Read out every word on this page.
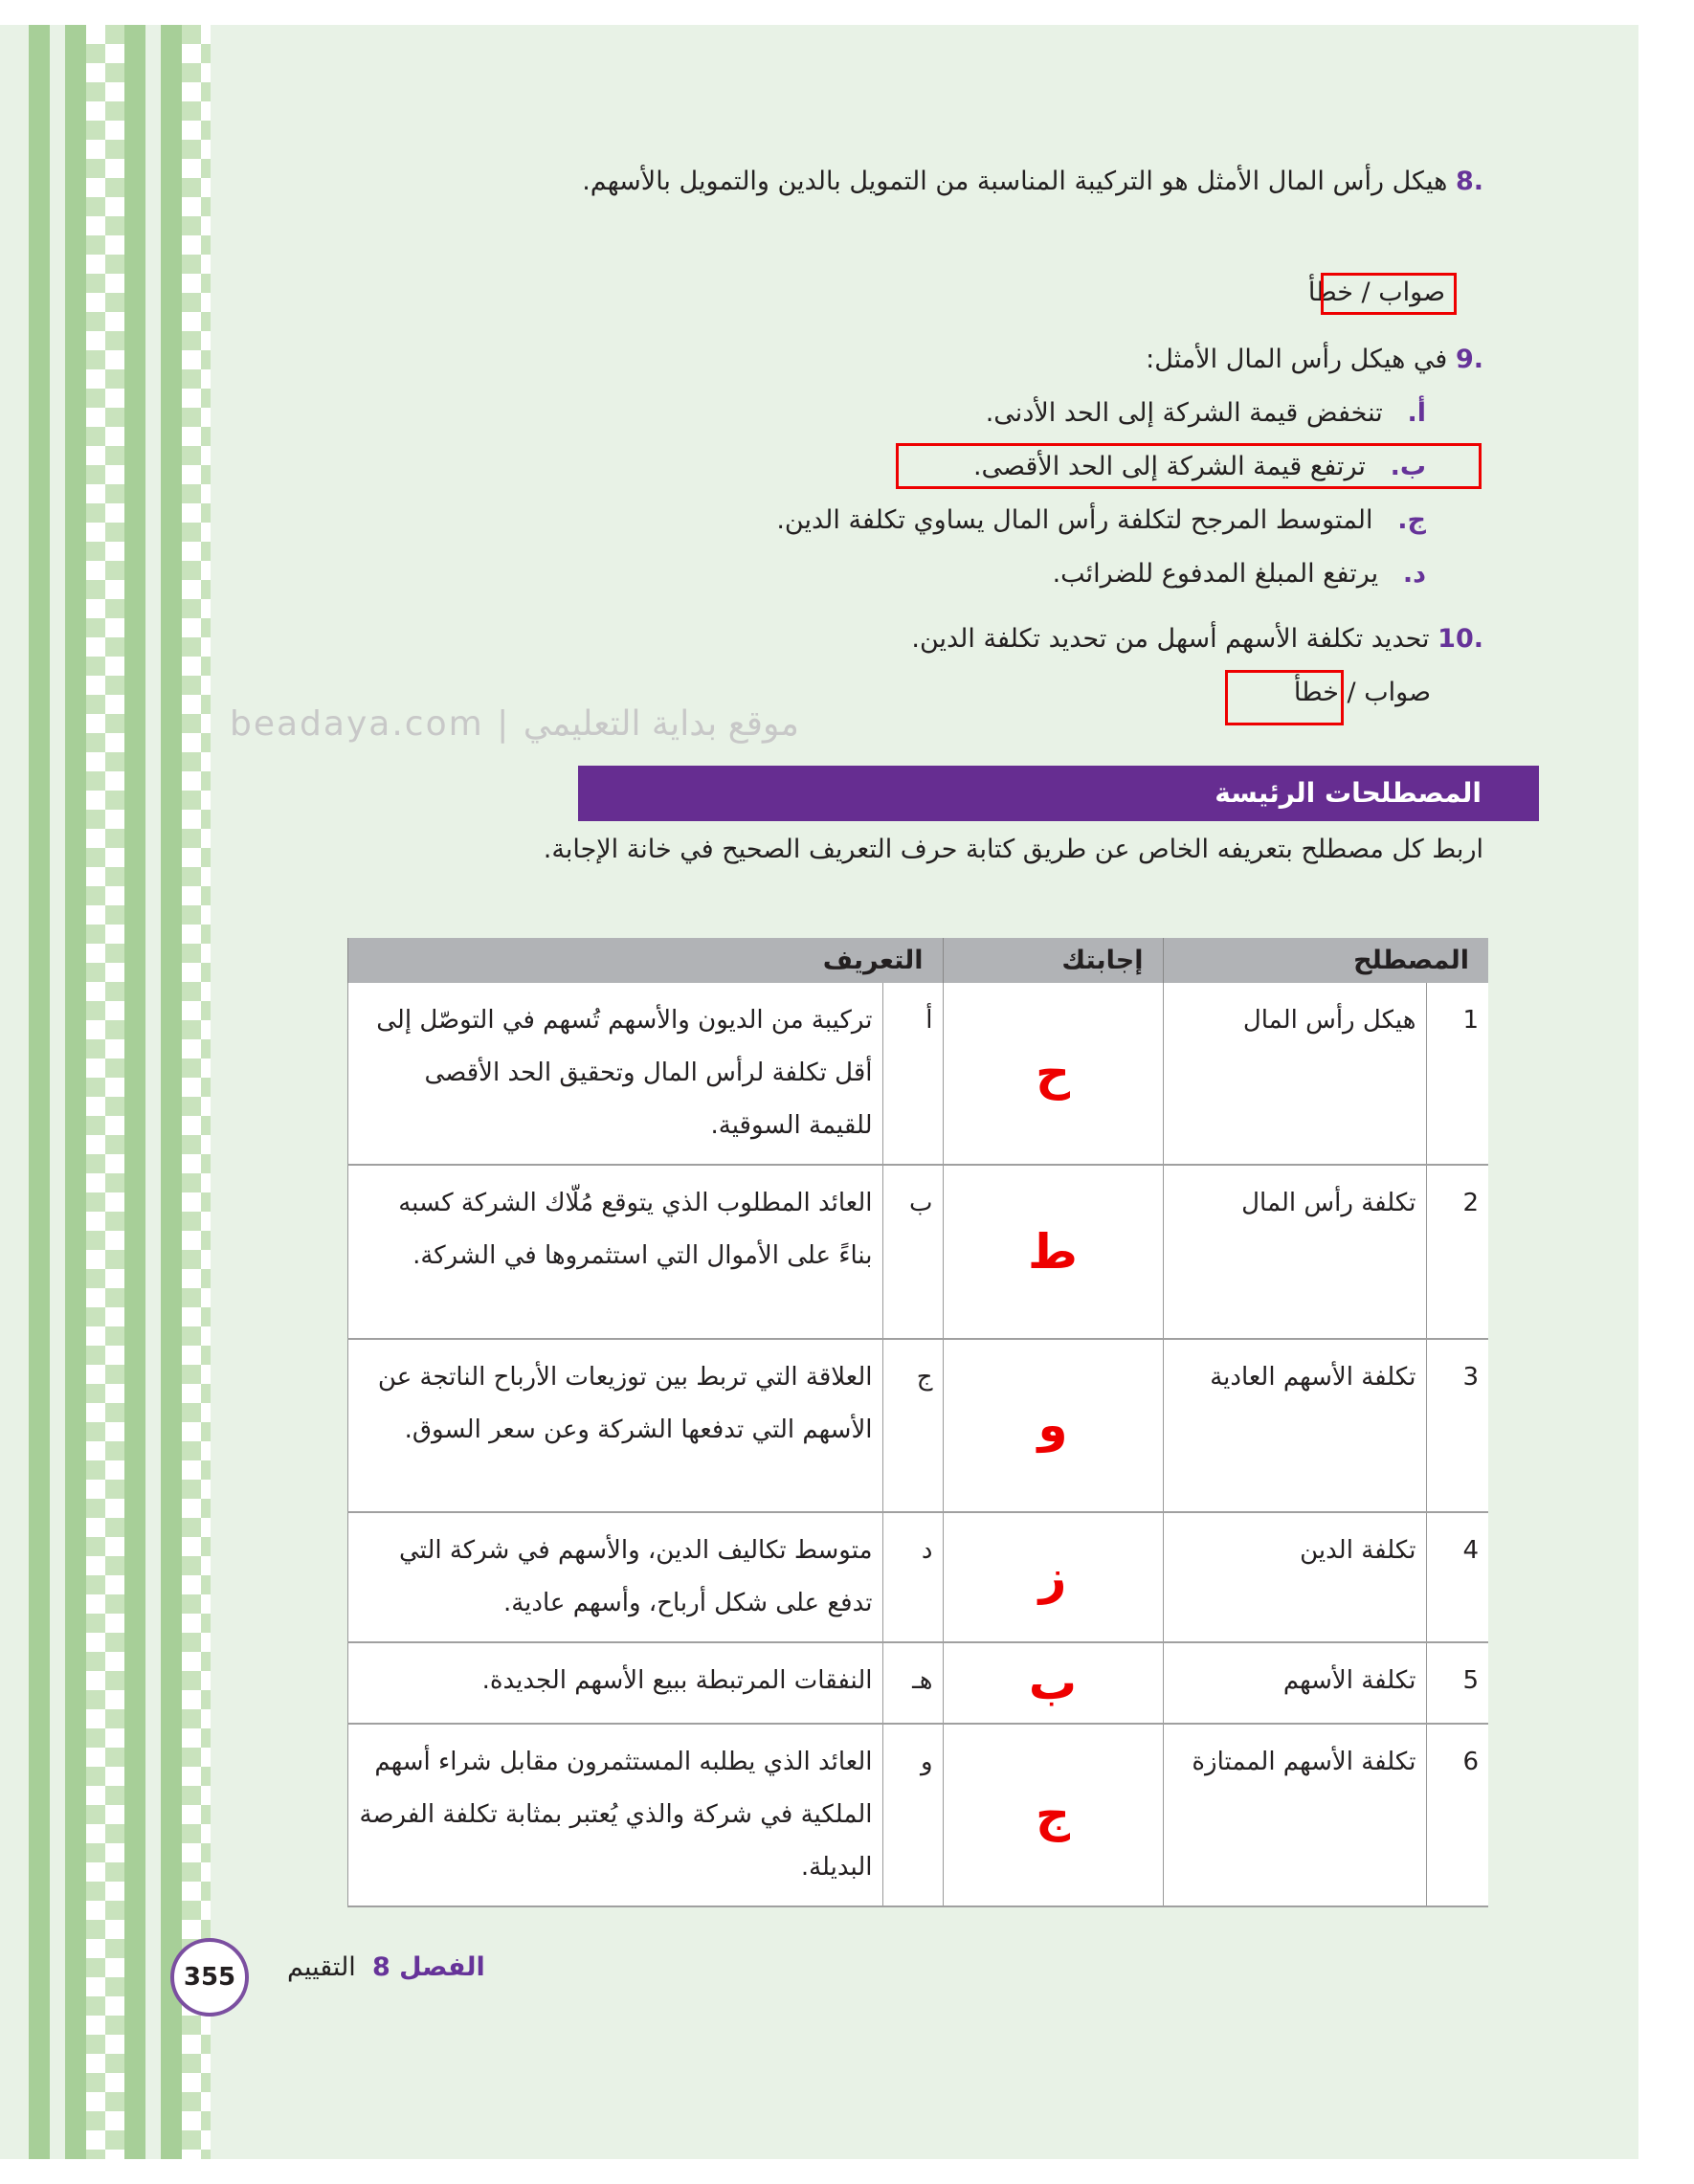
.8 هيكل رأس المال الأمثل هو التركيبة المناسبة من التمويل بالدين والتمويل بالأسهم.
صواب / خطأ
.9 في هيكل رأس المال الأمثل:
أ.   تنخفض قيمة الشركة إلى الحد الأدنى.
ب.   ترتفع قيمة الشركة إلى الحد الأقصى.
ج.   المتوسط المرجح لتكلفة رأس المال يساوي تكلفة الدين.
د.   يرتفع المبلغ المدفوع للضرائب.
.10 تحديد تكلفة الأسهم أسهل من تحديد تكلفة الدين.
صواب / خطأ
beadaya.com | موقع بداية التعليمي
المصطلحات الرئيسة
اربط كل مصطلح بتعريفه الخاص عن طريق كتابة حرف التعريف الصحيح في خانة الإجابة.
المصطلح		إجابتك	التعريف	
1	هيكل رأس المال	ح	أ	تركيبة من الديون والأسهم تُسهم في التوصّل إلى أقل تكلفة لرأس المال وتحقيق الحد الأقصى للقيمة السوقية.
2	تكلفة رأس المال	ط	ب	العائد المطلوب الذي يتوقع مُلّاك الشركة كسبه بناءً على الأموال التي استثمروها في الشركة.
3	تكلفة الأسهم العادية	و	ج	العلاقة التي تربط بين توزيعات الأرباح الناتجة عن الأسهم التي تدفعها الشركة وعن سعر السوق.
4	تكلفة الدين	ز	د	متوسط تكاليف الدين، والأسهم في شركة التي تدفع على شكل أرباح، وأسهم عادية.
5	تكلفة الأسهم	ب	هـ	النفقات المرتبطة ببيع الأسهم الجديدة.
6	تكلفة الأسهم الممتازة	ج	و	العائد الذي يطلبه المستثمرون مقابل شراء أسهم الملكية في شركة والذي يُعتبر بمثابة تكلفة الفرصة البديلة.
355	الفصل 8  التقييم
